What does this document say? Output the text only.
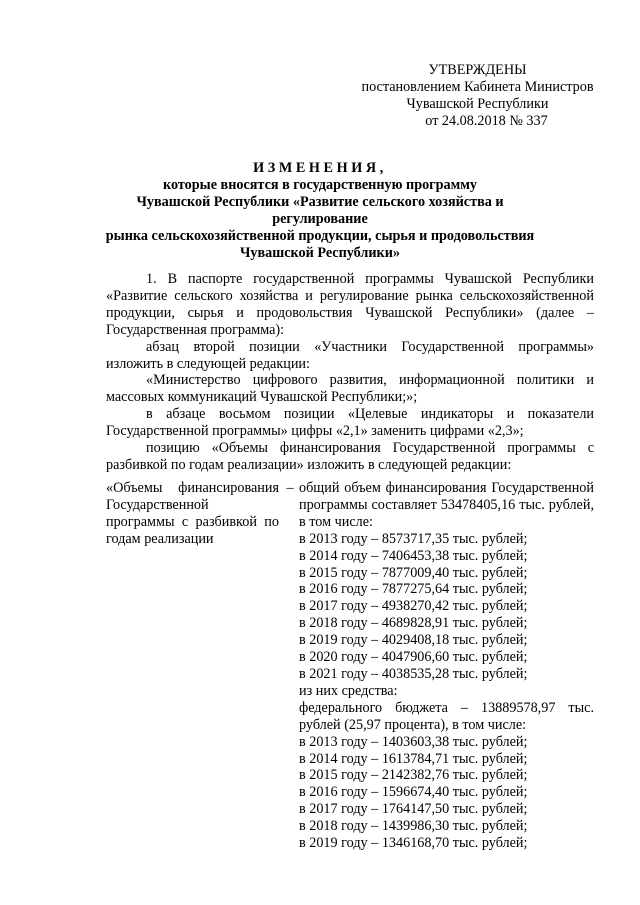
УТВЕРЖДЕНЫ
постановлением Кабинета Министров
Чувашской Республики
от 24.08.2018 № 337
ИЗМЕНЕНИЯ,
которые вносятся в государственную программу
Чувашской Республики «Развитие сельского хозяйства и регулирование
рынка сельскохозяйственной продукции, сырья и продовольствия
Чувашской Республики»

1. В паспорте государственной программы Чувашской Республики «Развитие сельского хозяйства и регулирование рынка сельскохозяйственной продукции, сырья и продовольствия Чувашской Республики» (далее – Государственная программа):

абзац второй позиции «Участники Государственной программы» изложить в следующей редакции:

«Министерство цифрового развития, информационной политики и массовых коммуникаций Чувашской Республики;»;

в абзаце восьмом позиции «Целевые индикаторы и показатели Государственной программы» цифры «2,1» заменить цифрами «2,3»;

позицию «Объемы финансирования Государственной программы с разбивкой по годам реализации» изложить в следующей редакции:

«Объемы финансирования Государственной программы с разбивкой по годам реализации
– общий объем финансирования Государственной программы составляет 53478405,16 тыс. рублей, в том числе:
в 2013 году – 8573717,35 тыс. рублей;
в 2014 году – 7406453,38 тыс. рублей;
в 2015 году – 7877009,40 тыс. рублей;
в 2016 году – 7877275,64 тыс. рублей;
в 2017 году – 4938270,42 тыс. рублей;
в 2018 году – 4689828,91 тыс. рублей;
в 2019 году – 4029408,18 тыс. рублей;
в 2020 году – 4047906,60 тыс. рублей;
в 2021 году – 4038535,28 тыс. рублей;
из них средства:
федерального бюджета – 13889578,97 тыс. рублей (25,97 процента), в том числе:
в 2013 году – 1403603,38 тыс. рублей;
в 2014 году – 1613784,71 тыс. рублей;
в 2015 году – 2142382,76 тыс. рублей;
в 2016 году – 1596674,40 тыс. рублей;
в 2017 году – 1764147,50 тыс. рублей;
в 2018 году – 1439986,30 тыс. рублей;
в 2019 году – 1346168,70 тыс. рублей;
